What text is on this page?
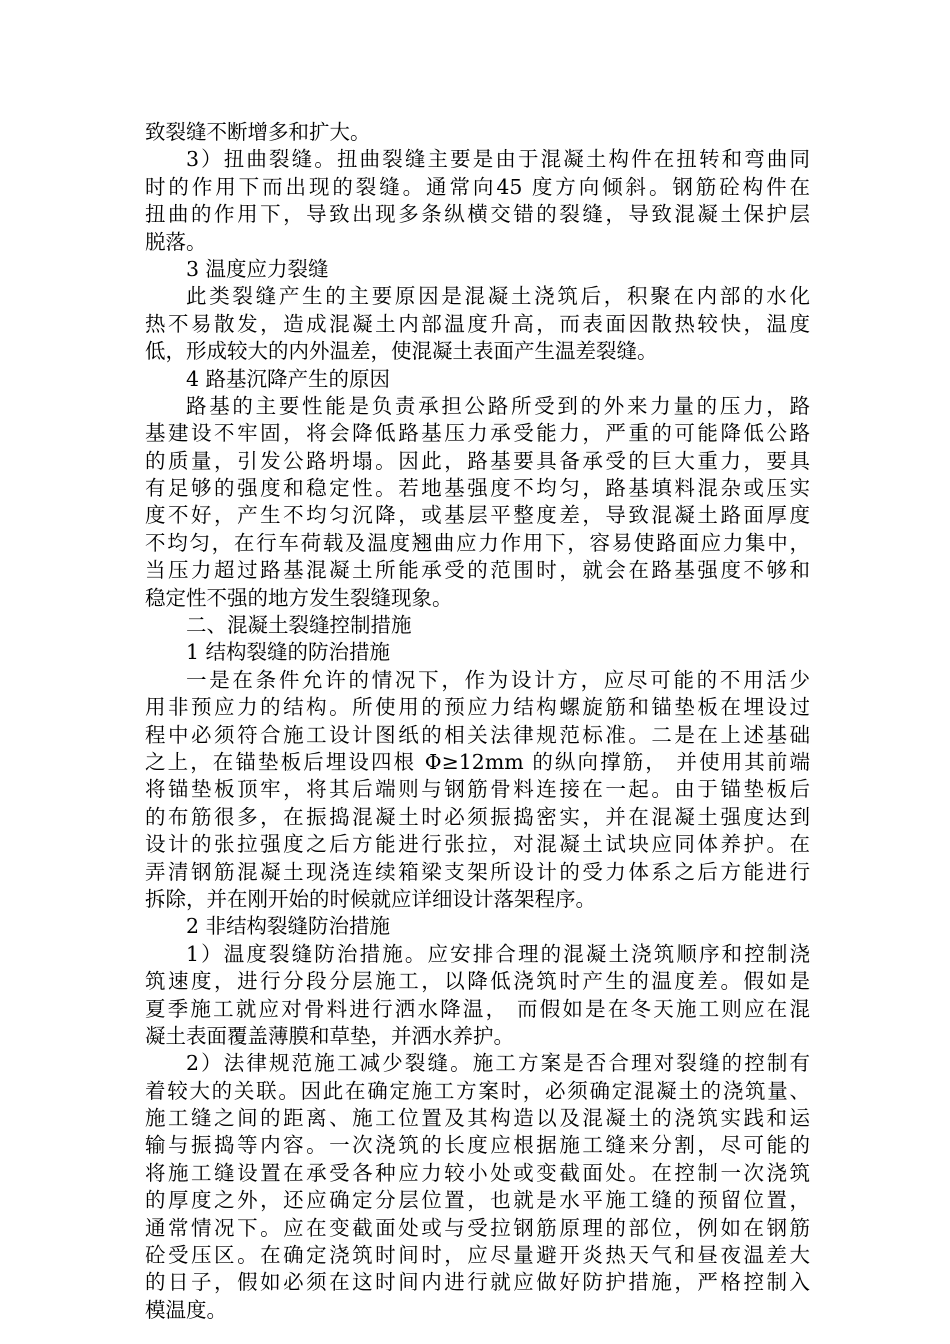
致裂缝不断增多和扩大。
3）扭曲裂缝。扭曲裂缝主要是由于混凝土构件在扭转和弯曲同
时的作用下而出现的裂缝。通常向45 度方向倾斜。钢筋砼构件在
扭曲的作用下，导致出现多条纵横交错的裂缝，导致混凝土保护层
脱落。
3 温度应力裂缝
此类裂缝产生的主要原因是混凝土浇筑后，积聚在内部的水化
热不易散发，造成混凝土内部温度升高，而表面因散热较快，温度
低，形成较大的内外温差，使混凝土表面产生温差裂缝。
4 路基沉降产生的原因
路基的主要性能是负责承担公路所受到的外来力量的压力，路
基建设不牢固，将会降低路基压力承受能力，严重的可能降低公路
的质量，引发公路坍塌。因此，路基要具备承受的巨大重力，要具
有足够的强度和稳定性。若地基强度不均匀，路基填料混杂或压实
度不好，产生不均匀沉降，或基层平整度差，导致混凝土路面厚度
不均匀，在行车荷载及温度翘曲应力作用下，容易使路面应力集中，
当压力超过路基混凝土所能承受的范围时，就会在路基强度不够和
稳定性不强的地方发生裂缝现象。
二、混凝土裂缝控制措施
1 结构裂缝的防治措施
一是在条件允许的情况下，作为设计方，应尽可能的不用活少
用非预应力的结构。所使用的预应力结构螺旋筋和锚垫板在埋设过
程中必须符合施工设计图纸的相关法律规范标准。二是在上述基础
之上，在锚垫板后埋设四根 Φ≥12mm 的纵向撑筋， 并使用其前端
将锚垫板顶牢，将其后端则与钢筋骨料连接在一起。由于锚垫板后
的布筋很多，在振捣混凝土时必须振捣密实，并在混凝土强度达到
设计的张拉强度之后方能进行张拉，对混凝土试块应同体养护。在
弄清钢筋混凝土现浇连续箱梁支架所设计的受力体系之后方能进行
拆除，并在刚开始的时候就应详细设计落架程序。
2 非结构裂缝防治措施
1）温度裂缝防治措施。应安排合理的混凝土浇筑顺序和控制浇
筑速度，进行分段分层施工，以降低浇筑时产生的温度差。假如是
夏季施工就应对骨料进行洒水降温， 而假如是在冬天施工则应在混
凝土表面覆盖薄膜和草垫，并洒水养护。
2）法律规范施工减少裂缝。施工方案是否合理对裂缝的控制有
着较大的关联。因此在确定施工方案时，必须确定混凝土的浇筑量、
施工缝之间的距离、施工位置及其构造以及混凝土的浇筑实践和运
输与振捣等内容。一次浇筑的长度应根据施工缝来分割，尽可能的
将施工缝设置在承受各种应力较小处或变截面处。在控制一次浇筑
的厚度之外，还应确定分层位置，也就是水平施工缝的预留位置，
通常情况下。应在变截面处或与受拉钢筋原理的部位，例如在钢筋
砼受压区。在确定浇筑时间时，应尽量避开炎热天气和昼夜温差大
的日子，假如必须在这时间内进行就应做好防护措施，严格控制入
模温度。
